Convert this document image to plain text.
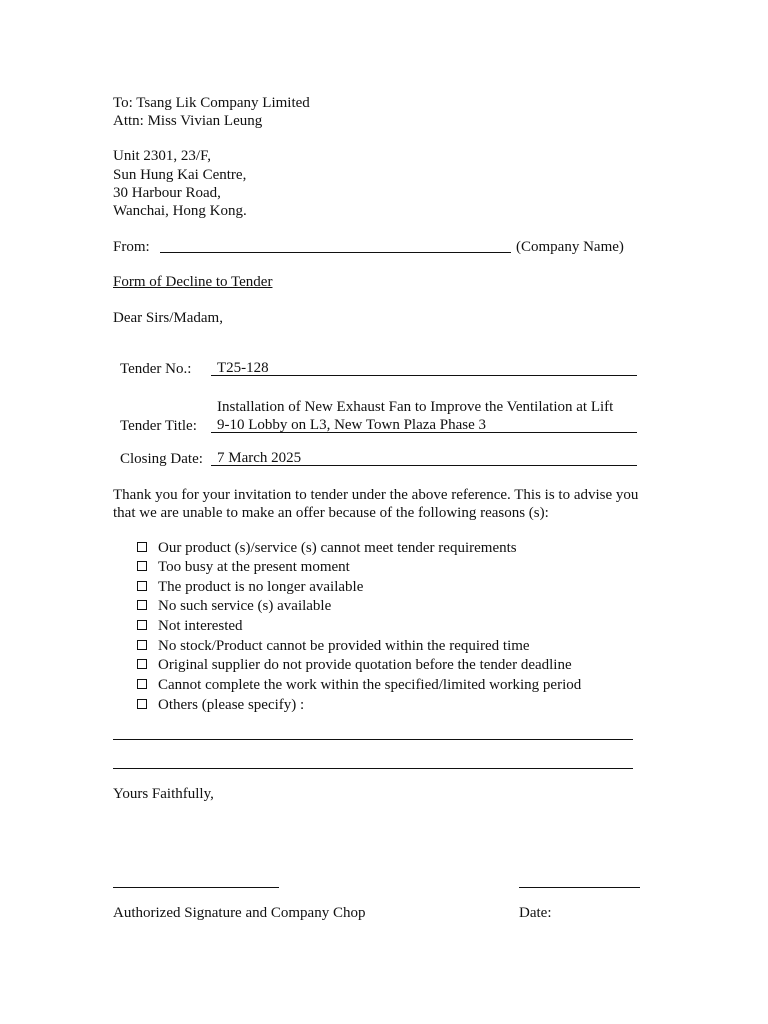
To: Tsang Lik Company Limited
Attn: Miss Vivian Leung
Unit 2301, 23/F,
Sun Hung Kai Centre,
30 Harbour Road,
Wanchai, Hong Kong.
From:	(Company Name)
Form of Decline to Tender
Dear Sirs/Madam,
Tender No.: T25-128
Installation of New Exhaust Fan to Improve the Ventilation at Lift
Tender Title: 9-10 Lobby on L3, New Town Plaza Phase 3
Closing Date: 7 March 2025
Thank you for your invitation to tender under the above reference. This is to advise you
that we are unable to make an offer because of the following reasons (s):
Our product (s)/service (s) cannot meet tender requirements
Too busy at the present moment
The product is no longer available
No such service (s) available
Not interested
No stock/Product cannot be provided within the required time
Original supplier do not provide quotation before the tender deadline
Cannot complete the work within the specified/limited working period
Others (please specify) :
Yours Faithfully,
Authorized Signature and Company Chop	Date:
